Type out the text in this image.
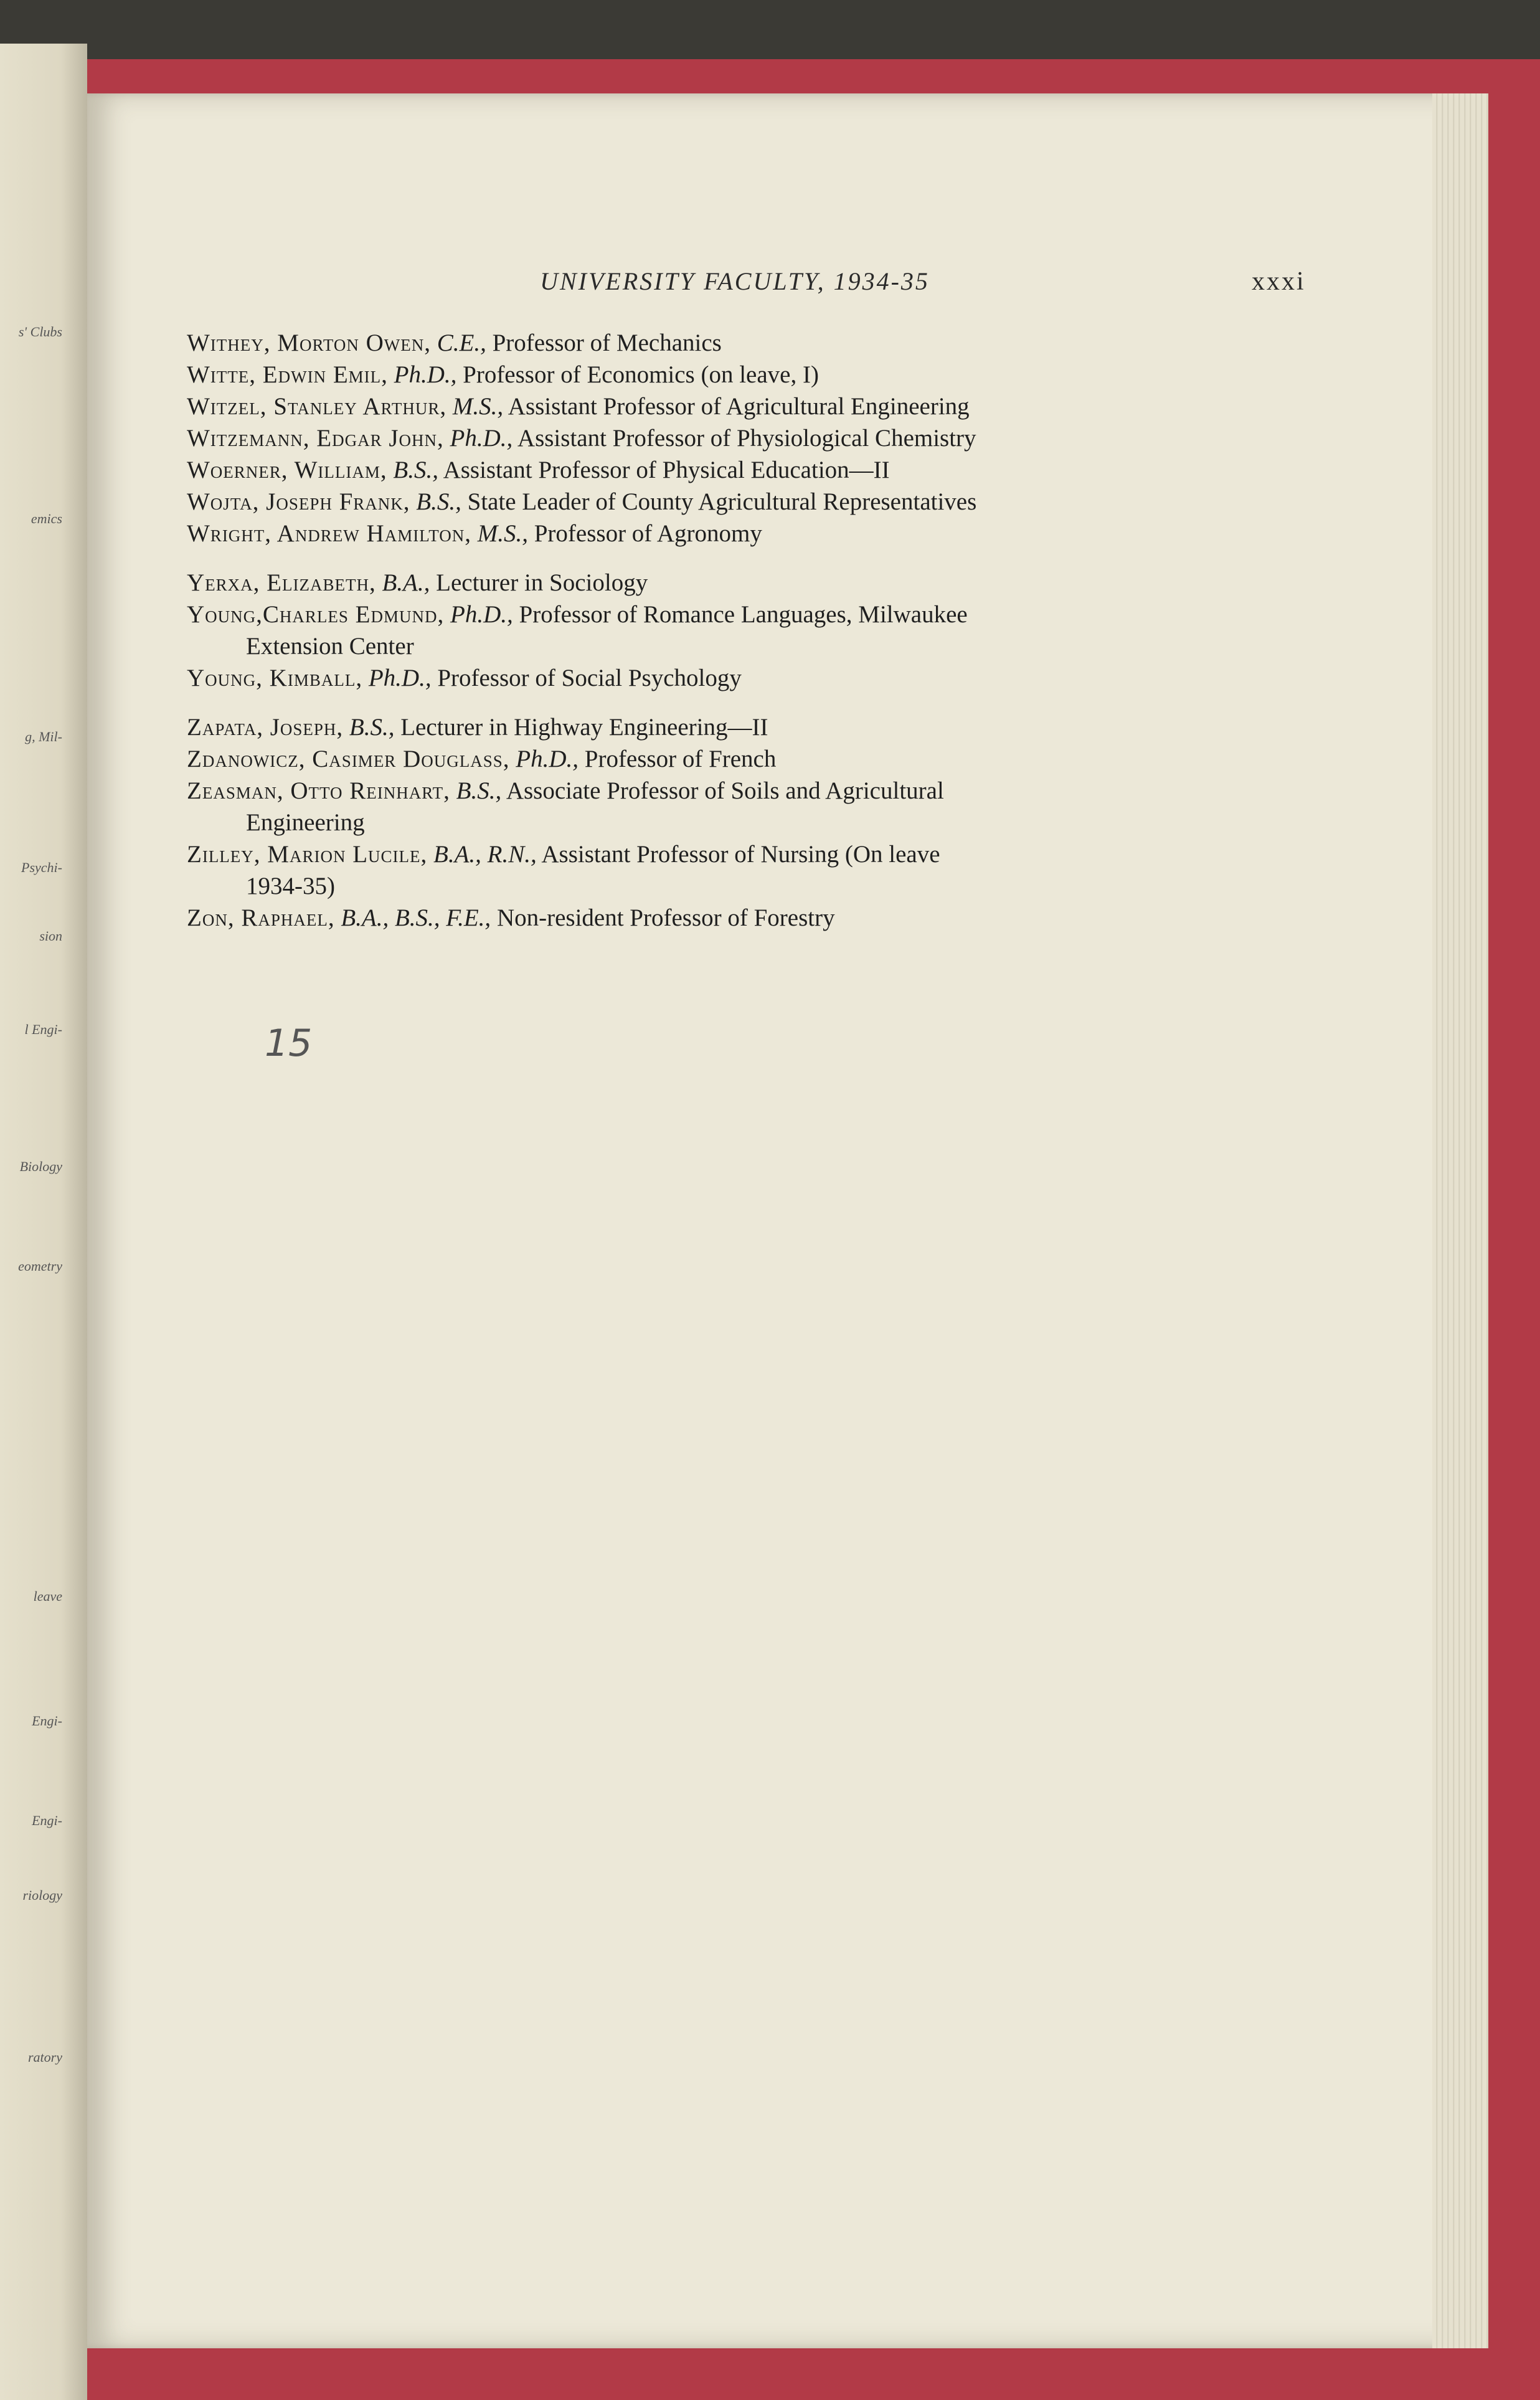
s' Clubs
emics
g, Mil-
Psychi-
sion
l Engi-
Biology
eometry
leave
Engi-
Engi-
riology
ratory
UNIVERSITY FACULTY, 1934-35	xxxi
Withey, Morton Owen, C.E., Professor of Mechanics
Witte, Edwin Emil, Ph.D., Professor of Economics (on leave, I)
Witzel, Stanley Arthur, M.S., Assistant Professor of Agricultural Engineering
Witzemann, Edgar John, Ph.D., Assistant Professor of Physiological Chemistry
Woerner, William, B.S., Assistant Professor of Physical Education—II
Wojta, Joseph Frank, B.S., State Leader of County Agricultural Representatives
Wright, Andrew Hamilton, M.S., Professor of Agronomy
Yerxa, Elizabeth, B.A., Lecturer in Sociology
Young,Charles Edmund, Ph.D., Professor of Romance Languages, Milwaukee
Extension Center
Young, Kimball, Ph.D., Professor of Social Psychology
Zapata, Joseph, B.S., Lecturer in Highway Engineering—II
Zdanowicz, Casimer Douglass, Ph.D., Professor of French
Zeasman, Otto Reinhart, B.S., Associate Professor of Soils and Agricultural
Engineering
Zilley, Marion Lucile, B.A., R.N., Assistant Professor of Nursing (On leave
1934-35)
Zon, Raphael, B.A., B.S., F.E., Non-resident Professor of Forestry
15
